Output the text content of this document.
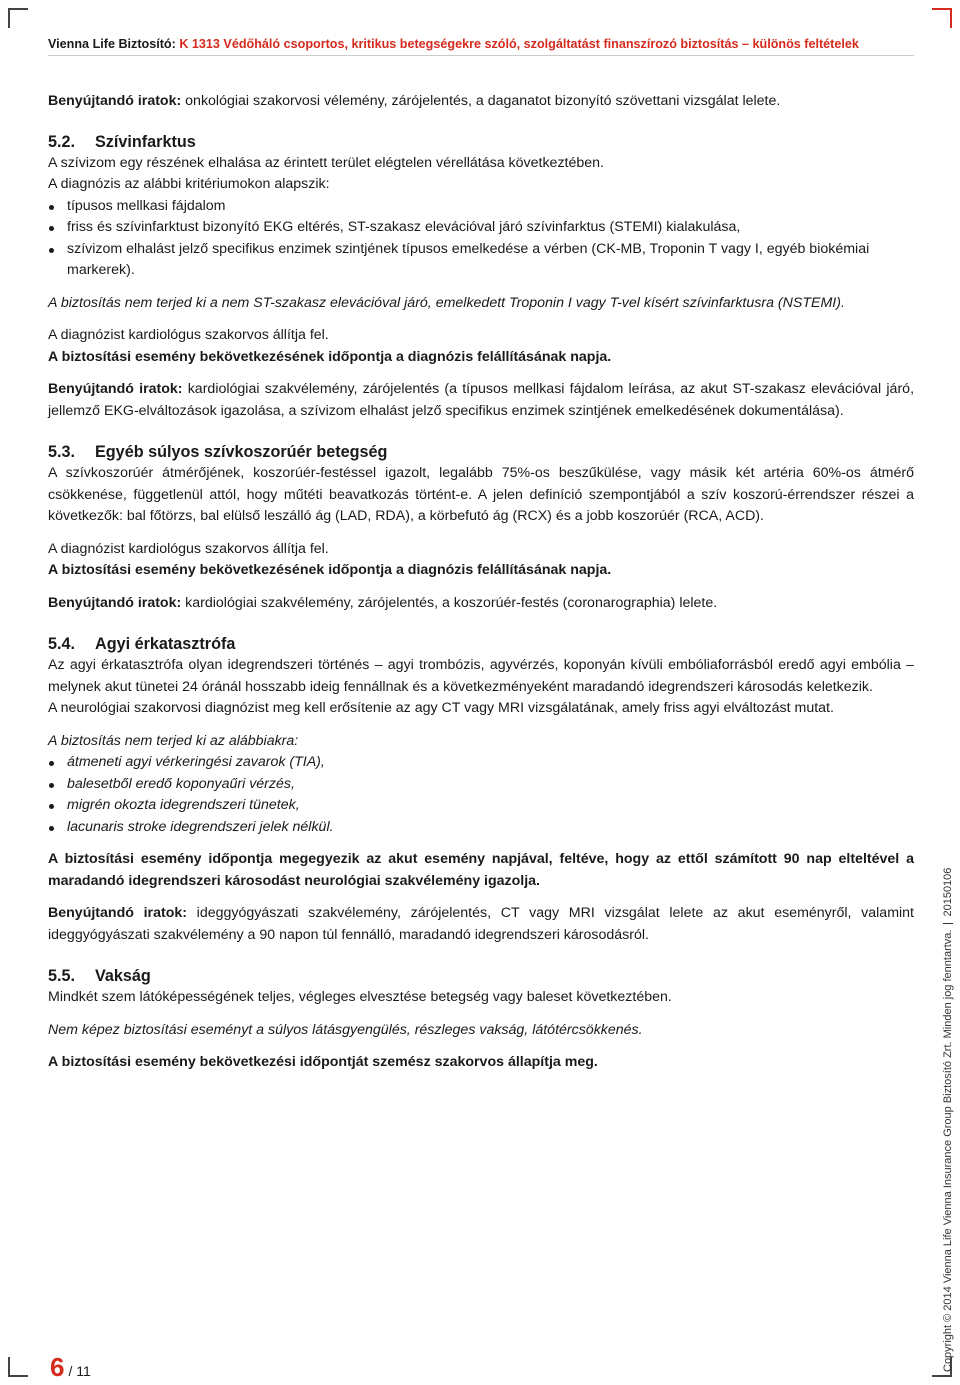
Vienna Life Biztosító: K 1313 Védőháló csoportos, kritikus betegségekre szóló, szolgáltatást finanszírozó biztosítás – különös feltételek

Benyújtandó iratok: onkológiai szakorvosi vélemény, zárójelentés, a daganatot bizonyító szövettani vizsgálat lelete.

5.2. Szívinfarktus

A szívizom egy részének elhalása az érintett terület elégtelen vérellátása következtében.

A diagnózis az alábbi kritériumokon alapszik:

típusos mellkasi fájdalom
friss és szívinfarktust bizonyító EKG eltérés, ST-szakasz elevációval járó szívinfarktus (STEMI) kialakulása,
szívizom elhalást jelző specifikus enzimek szintjének típusos emelkedése a vérben (CK-MB, Troponin T vagy I, egyéb biokémiai markerek).

A biztosítás nem terjed ki a nem ST-szakasz elevációval járó, emelkedett Troponin I vagy T-vel kísért szívinfarktusra (NSTEMI).

A diagnózist kardiológus szakorvos állítja fel.

A biztosítási esemény bekövetkezésének időpontja a diagnózis felállításának napja.

Benyújtandó iratok: kardiológiai szakvélemény, zárójelentés (a típusos mellkasi fájdalom leírása, az akut ST-szakasz elevációval járó, jellemző EKG-elváltozások igazolása, a szívizom elhalást jelző specifikus enzimek szintjének emelkedésének dokumentálása).

5.3. Egyéb súlyos szívkoszorúér betegség

A szívkoszorúér átmérőjének, koszorúér-festéssel igazolt, legalább 75%-os beszűkülése, vagy másik két artéria 60%-os átmérő csökkenése, függetlenül attól, hogy műtéti beavatkozás történt-e. A jelen definíció szempontjából a szív koszorú-érrendszer részei a következők: bal főtörzs, bal elülső leszálló ág (LAD, RDA), a körbefutó ág (RCX) és a jobb koszorúér (RCA, ACD).

A diagnózist kardiológus szakorvos állítja fel.

A biztosítási esemény bekövetkezésének időpontja a diagnózis felállításának napja.

Benyújtandó iratok: kardiológiai szakvélemény, zárójelentés, a koszorúér-festés (coronarographia) lelete.

5.4. Agyi érkatasztrófa

Az agyi érkatasztrófa olyan idegrendszeri történés – agyi trombózis, agyvérzés, koponyán kívüli embóliaforrásból eredő agyi embólia – melynek akut tünetei 24 óránál hosszabb ideig fennállnak és a következményeként maradandó idegrendszeri károsodás keletkezik.

A neurológiai szakorvosi diagnózist meg kell erősítenie az agy CT vagy MRI vizsgálatának, amely friss agyi elváltozást mutat.

A biztosítás nem terjed ki az alábbiakra:

átmeneti agyi vérkeringési zavarok (TIA),
balesetből eredő koponyaűri vérzés,
migrén okozta idegrendszeri tünetek,
lacunaris stroke idegrendszeri jelek nélkül.

A biztosítási esemény időpontja megegyezik az akut esemény napjával, feltéve, hogy az ettől számított 90 nap elteltével a maradandó idegrendszeri károsodást neurológiai szakvélemény igazolja.

Benyújtandó iratok: ideggyógyászati szakvélemény, zárójelentés, CT vagy MRI vizsgálat lelete az akut eseményről, valamint ideggyógyászati szakvélemény a 90 napon túl fennálló, maradandó idegrendszeri károsodásról.

5.5. Vakság

Mindkét szem látóképességének teljes, végleges elvesztése betegség vagy baleset következtében.

Nem képez biztosítási eseményt a súlyos látásgyengülés, részleges vakság, látótércsökkenés.

A biztosítási esemény bekövetkezési időpontját szemész szakorvos állapítja meg.	Copyright © 2014 Vienna Life Vienna Insurance Group Biztosító Zrt. Minden jog fenntartva.20150106
6 / 11
